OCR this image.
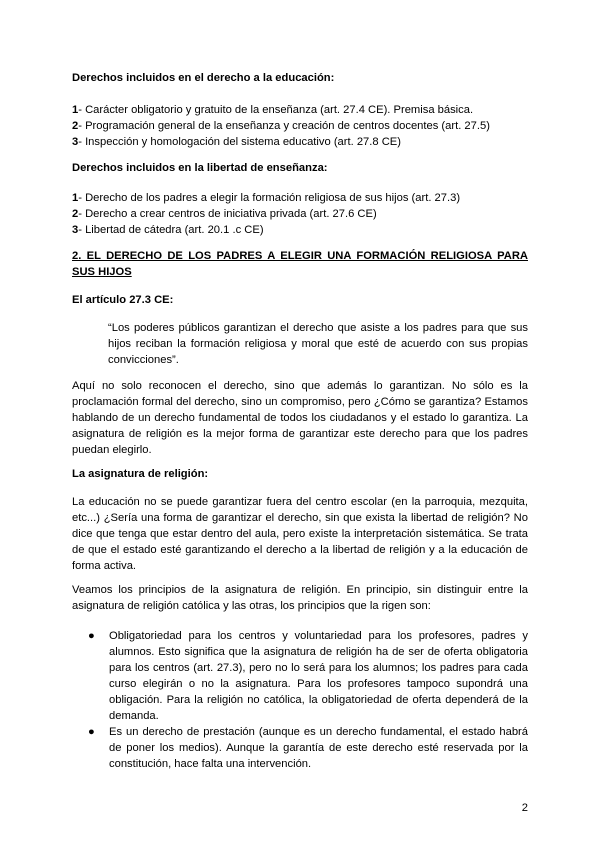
Derechos incluidos en el derecho a la educación:

1- Carácter obligatorio y gratuito de la enseñanza (art. 27.4 CE). Premisa básica.

2- Programación general de la enseñanza y creación de centros docentes (art. 27.5)

3- Inspección y homologación del sistema educativo (art. 27.8 CE)

Derechos incluidos en la libertad de enseñanza:

1- Derecho de los padres a elegir la formación religiosa de sus hijos (art. 27.3)

2- Derecho a crear centros de iniciativa privada (art. 27.6 CE)

3- Libertad de cátedra (art. 20.1 .c CE)

2. EL DERECHO DE LOS PADRES A ELEGIR UNA FORMACIÓN RELIGIOSA PARA SUS HIJOS

El artículo 27.3 CE:

“Los poderes públicos garantizan el derecho que asiste a los padres para que sus hijos reciban la formación religiosa y moral que esté de acuerdo con sus propias convicciones”.

Aquí no solo reconocen el derecho, sino que además lo garantizan. No sólo es la proclamación formal del derecho, sino un compromiso, pero ¿Cómo se garantiza? Estamos hablando de un derecho fundamental de todos los ciudadanos y el estado lo garantiza. La asignatura de religión es la mejor forma de garantizar este derecho para que los padres puedan elegirlo.

La asignatura de religión:

La educación no se puede garantizar fuera del centro escolar (en la parroquia, mezquita, etc...) ¿Sería una forma de garantizar el derecho, sin que exista la libertad de religión? No dice que tenga que estar dentro del aula, pero existe la interpretación sistemática. Se trata de que el estado esté garantizando el derecho a la libertad de religión y a la educación de forma activa.

Veamos los principios de la asignatura de religión. En principio, sin distinguir entre la asignatura de religión católica y las otras, los principios que la rigen son:

● Obligatoriedad para los centros y voluntariedad para los profesores, padres y alumnos. Esto significa que la asignatura de religión ha de ser de oferta obligatoria para los centros (art. 27.3), pero no lo será para los alumnos; los padres para cada curso elegirán o no la asignatura. Para los profesores tampoco supondrá una obligación. Para la religión no católica, la obligatoriedad de oferta dependerá de la demanda.
● Es un derecho de prestación (aunque es un derecho fundamental, el estado habrá de poner los medios). Aunque la garantía de este derecho esté reservada por la constitución, hace falta una intervención.

2
